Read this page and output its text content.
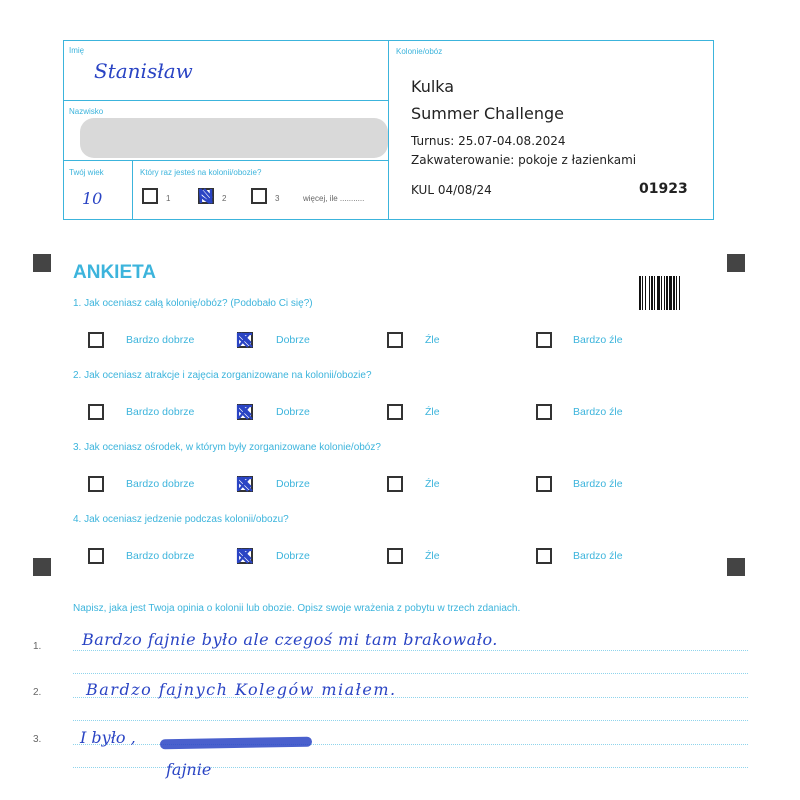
Imię
Stanisław
Nazwisko
Twój wiek
10
Który raz jesteś na kolonii/obozie?
1	2	3	więcej, ile ...........
Kolonie/obóz
Kulka
Summer Challenge
Turnus: 25.07-04.08.2024
Zakwaterowanie: pokoje z łazienkami
KUL 04/08/24	01923
ANKIETA
1. Jak oceniasz całą kolonię/obóz? (Podobało Ci się?)
Bardzo dobrze	Dobrze	Źle	Bardzo źle
2. Jak oceniasz atrakcje i zajęcia zorganizowane na kolonii/obozie?
Bardzo dobrze	Dobrze	Źle	Bardzo źle
3. Jak oceniasz ośrodek, w którym były zorganizowane kolonie/obóz?
Bardzo dobrze	Dobrze	Źle	Bardzo źle
4. Jak oceniasz jedzenie podczas kolonii/obozu?
Bardzo dobrze	Dobrze	Źle	Bardzo źle
Napisz, jaka jest Twoja opinia o kolonii lub obozie. Opisz swoje wrażenia z pobytu w trzech zdaniach.
1.
2.
3.
Bardzo fajnie było ale czegoś mi tam brakowało.
Bardzo fajnych Kolegów miałem.
I było ,
fajnie
